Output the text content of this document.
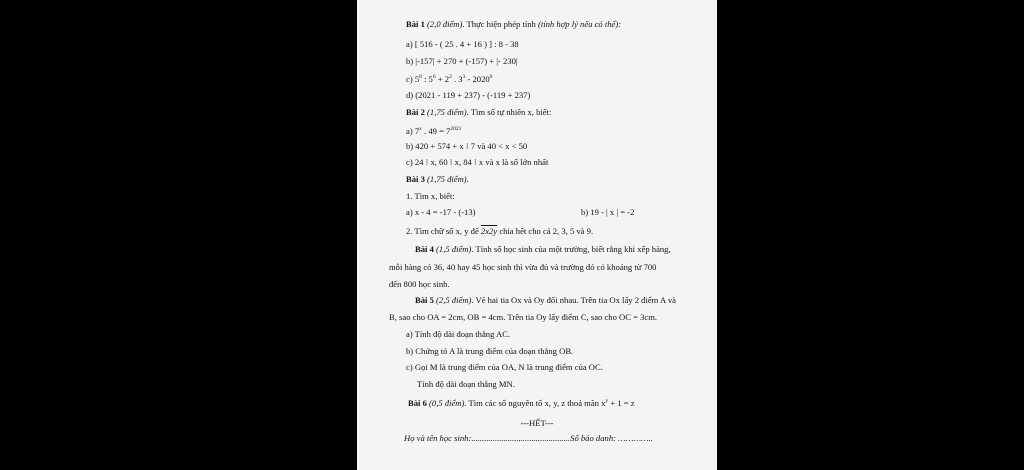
Bài 1 (2,0 điểm). Thực hiện phép tính (tính hợp lý nếu có thể):
a) [ 516 - ( 25 . 4 + 16 ) ] : 8 - 38
b) |-157| + 270 + (-157) + |- 230|
c) $5^8$ : $5^6 + 2^2$ . $3^3 - 2020^0$
d) (2021 - 119 + 237) - (-119 + 237)
Bài 2 (1,75 điểm). Tìm số tự nhiên x, biết:
a) 7$^x$ . $49 = 7^{2021}$
b) 420 + 574 + x ⁝ 7 và 40 < x < 50
c) 24 ⁝ x, 60 ⁝ x, 84 ⁝ x và x là số lớn nhất
Bài 3 (1,75 điểm).
1. Tìm x, biết:
a) x - 4 = -17 - (-13)	b) 19 - | x | = -2
2. Tìm chữ số x, y để 2x2y chia hết cho cả 2, 3, 5 và 9.
Bài 4 (1,5 điểm). Tính số học sinh của một trường, biết rằng khi xếp hàng,
mỗi hàng có 36, 40 hay 45 học sinh thì vừa đủ và trường đó có khoảng từ 700
đến 800 học sinh.
Bài 5 (2,5 điểm). Vẽ hai tia Ox và Oy đối nhau. Trên tia Ox lấy 2 điểm A và
B, sao cho OA = 2cm, OB = 4cm. Trên tia Oy lấy điểm C, sao cho OC = 3cm.
a) Tính độ dài đoạn thẳng AC.
b) Chứng tỏ A là trung điểm của đoạn thẳng OB.
c) Gọi M là trung điểm của OA, N là trung điểm của OC.
Tính độ dài đoạn thẳng MN.
Bài 6 (0,5 điểm). Tìm các số nguyên tố x, y, z thoả mãn $x^y + 1 = z$
---HẾT---
Họ và tên học sinh:..............................................Số báo danh: …………..
